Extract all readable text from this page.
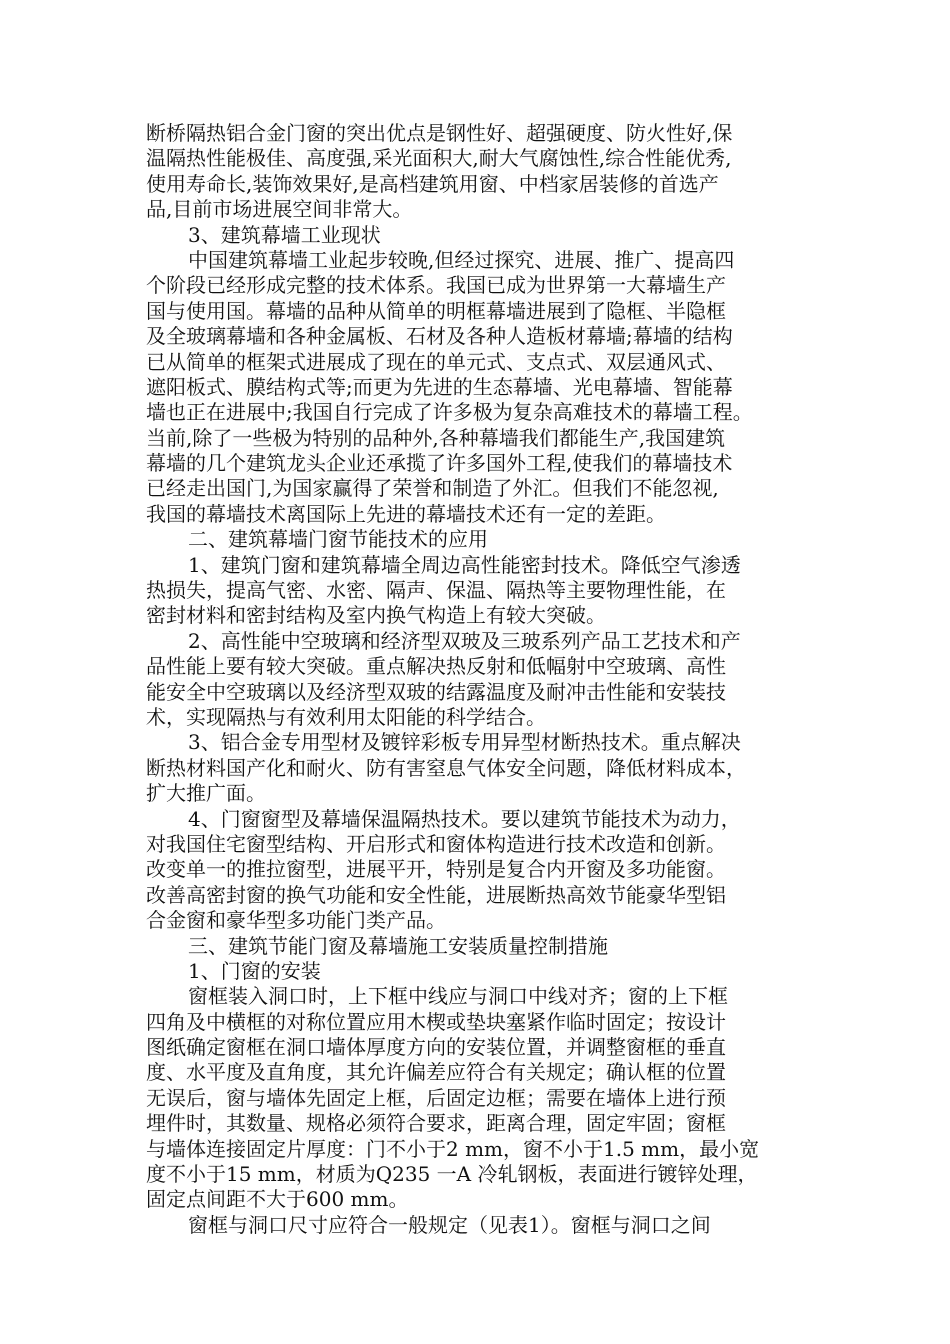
断桥隔热铝合金门窗的突出优点是钢性好、超强硬度、防火性好,保
温隔热性能极佳、高度强,采光面积大,耐大气腐蚀性,综合性能优秀,
使用寿命长,装饰效果好,是高档建筑用窗、中档家居装修的首选产
品,目前市场进展空间非常大。
3、建筑幕墙工业现状
中国建筑幕墙工业起步较晚,但经过探究、进展、推广、提高四
个阶段已经形成完整的技术体系。我国已成为世界第一大幕墙生产
国与使用国。幕墙的品种从简单的明框幕墙进展到了隐框、半隐框
及全玻璃幕墙和各种金属板、石材及各种人造板材幕墙;幕墙的结构
已从简单的框架式进展成了现在的单元式、支点式、双层通风式、
遮阳板式、膜结构式等;而更为先进的生态幕墙、光电幕墙、智能幕
墙也正在进展中;我国自行完成了许多极为复杂高难技术的幕墙工程。
当前,除了一些极为特别的品种外,各种幕墙我们都能生产,我国建筑
幕墙的几个建筑龙头企业还承揽了许多国外工程,使我们的幕墙技术
已经走出国门,为国家赢得了荣誉和制造了外汇。但我们不能忽视,
我国的幕墙技术离国际上先进的幕墙技术还有一定的差距。
二、建筑幕墙门窗节能技术的应用
1、建筑门窗和建筑幕墙全周边高性能密封技术。降低空气渗透
热损失，提高气密、水密、隔声、保温、隔热等主要物理性能，在
密封材料和密封结构及室内换气构造上有较大突破。
2、高性能中空玻璃和经济型双玻及三玻系列产品工艺技术和产
品性能上要有较大突破。重点解决热反射和低幅射中空玻璃、高性
能安全中空玻璃以及经济型双玻的结露温度及耐冲击性能和安装技
术，实现隔热与有效利用太阳能的科学结合。
3、铝合金专用型材及镀锌彩板专用异型材断热技术。重点解决
断热材料国产化和耐火、防有害窒息气体安全问题，降低材料成本，
扩大推广面。
4、门窗窗型及幕墙保温隔热技术。要以建筑节能技术为动力，
对我国住宅窗型结构、开启形式和窗体构造进行技术改造和创新。
改变单一的推拉窗型，进展平开，特别是复合内开窗及多功能窗。
改善高密封窗的换气功能和安全性能，进展断热高效节能豪华型铝
合金窗和豪华型多功能门类产品。
三、建筑节能门窗及幕墙施工安装质量控制措施
1、门窗的安装
窗框装入洞口时，上下框中线应与洞口中线对齐；窗的上下框
四角及中横框的对称位置应用木楔或垫块塞紧作临时固定；按设计
图纸确定窗框在洞口墙体厚度方向的安装位置，并调整窗框的垂直
度、水平度及直角度，其允许偏差应符合有关规定；确认框的位置
无误后，窗与墙体先固定上框，后固定边框；需要在墙体上进行预
埋件时，其数量、规格必须符合要求，距离合理，固定牢固；窗框
与墙体连接固定片厚度：门不小于2 mm，窗不小于1.5 mm，最小宽
度不小于15 mm，材质为Q235 一A 冷轧钢板，表面进行镀锌处理，
固定点间距不大于600 mm。
窗框与洞口尺寸应符合一般规定（见表1）。窗框与洞口之间
